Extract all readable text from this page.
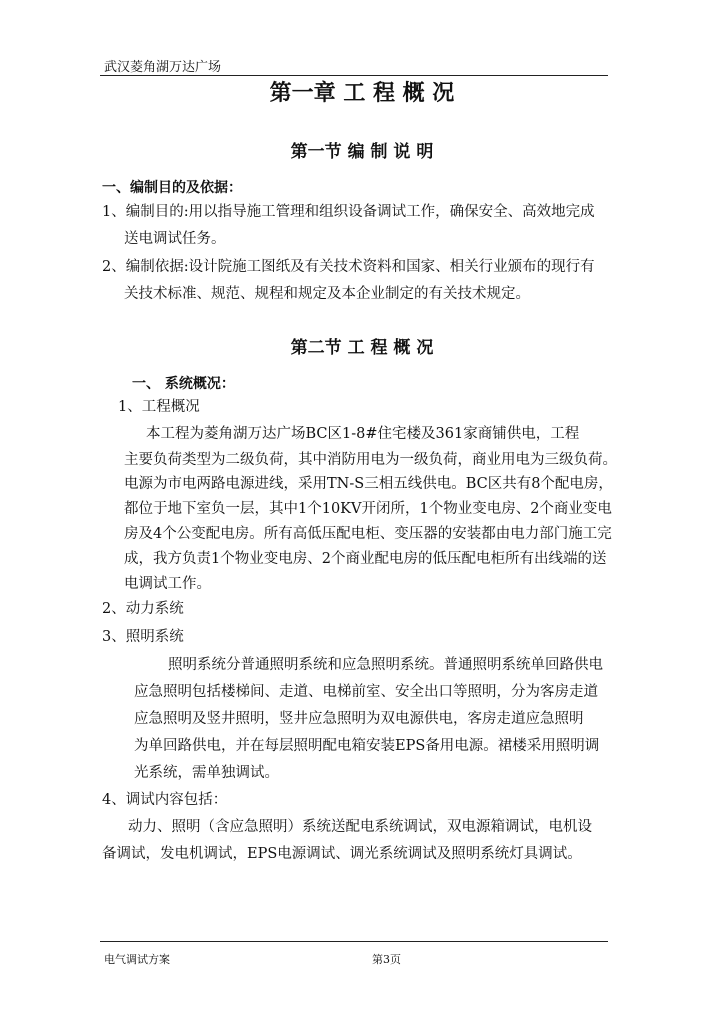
武汉菱角湖万达广场
第一章 工 程 概 况
第一节 编 制 说 明
一、编制目的及依据：
1、编制目的:用以指导施工管理和组织设备调试工作，确保安全、高效地完成
送电调试任务。
2、编制依据:设计院施工图纸及有关技术资料和国家、相关行业颁布的现行有
关技术标准、规范、规程和规定及本企业制定的有关技术规定。
第二节 工 程 概 况
一、 系统概况：
1、工程概况
本工程为菱角湖万达广场BC区1-8#住宅楼及361家商铺供电，工程
主要负荷类型为二级负荷，其中消防用电为一级负荷，商业用电为三级负荷。
电源为市电两路电源进线，采用TN-S三相五线供电。BC区共有8个配电房，
都位于地下室负一层，其中1个10KV开闭所，1个物业变电房、2个商业变电
房及4个公变配电房。所有高低压配电柜、变压器的安装都由电力部门施工完
成，我方负责1个物业变电房、2个商业配电房的低压配电柜所有出线端的送
电调试工作。
2、动力系统
3、照明系统
照明系统分普通照明系统和应急照明系统。普通照明系统单回路供电
应急照明包括楼梯间、走道、电梯前室、安全出口等照明，分为客房走道
应急照明及竖井照明，竖井应急照明为双电源供电，客房走道应急照明
为单回路供电，并在每层照明配电箱安装EPS备用电源。裙楼采用照明调
光系统，需单独调试。
4、调试内容包括：
动力、照明（含应急照明）系统送配电系统调试，双电源箱调试，电机设
备调试，发电机调试，EPS电源调试、调光系统调试及照明系统灯具调试。
电气调试方案	第3页
